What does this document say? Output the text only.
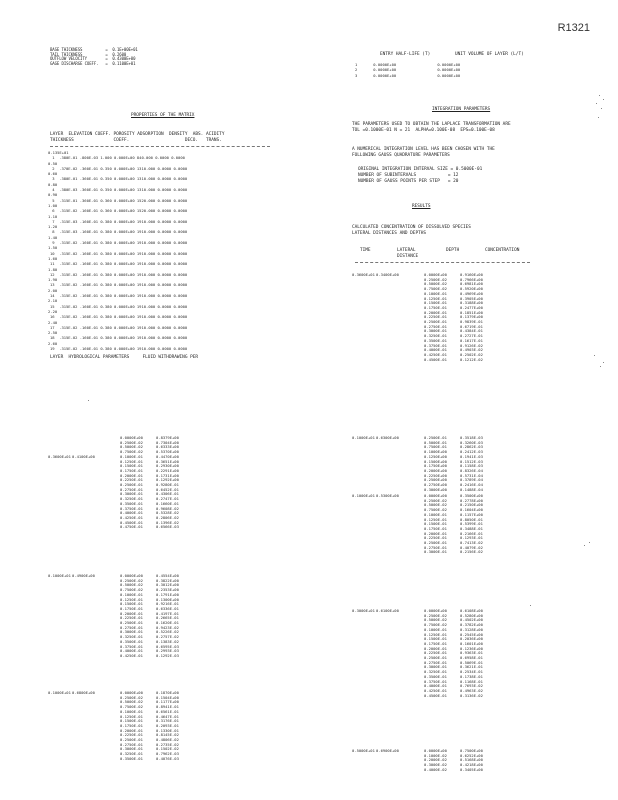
R1321
BASE THICKNESS          =  0.1E+00E+01
TAIL THICKNESS          =  0.2600
OUTFLOW VELOCITY        =  0.4300E+00
GAGE DISCHARGE COEFF.   =  0.1100E+01
ENTRY HALF-LIFE (T)	UNIT VOLUME OF LAYER (L/T)
1       0.0000E+00                  0.0000E+00
2       0.0000E+00                  0.0000E+00
3       0.0000E+00                  0.0000E+00
PROPERTIES OF THE MATRIX
LAYER  ELEVATION COEFF. POROSITY ADSORPTION  DENSITY  ABS. ACIDITY
THICKNESS               COEFF.                     DECO.   TRANS.
0.135E+01
1  .380E-01 .800E-03 1.000 0.000E+00 840.000 0.0000 0.0000
0.50
2  .370E-02 .360E-01 0.350 0.000E+00 1310.000 0.0000 0.0000
0.60
3  .380E-01 .360E-01 0.350 0.000E+00 1310.000 0.0000 0.0000
0.80
4  .380E-03 .360E-01 0.350 0.000E+00 1310.000 0.0000 0.0000
0.90
5  .315E-01 .360E-01 0.360 0.000E+00 1520.000 0.0000 0.0000
1.00
6  .315E-02 .160E-01 0.360 0.000E+00 1520.000 0.0000 0.0000
1.10
7  .315E-03 .160E-01 0.380 0.000E+00 1910.000 0.0000 0.0000
1.20
8  .315E-03 .160E-01 0.380 0.000E+00 1910.000 0.0000 0.0000
1.40
9  .315E-02 .160E-01 0.380 0.000E+00 1910.000 0.0000 0.0000
1.50
10  .315E-02 .160E-01 0.380 0.000E+00 1910.000 0.0000 0.0000
1.60
11  .315E-02 .160E-01 0.380 0.000E+00 1910.000 0.0000 0.0000
1.80
12  .315E-02 .160E-01 0.380 0.000E+00 1910.000 0.0000 0.0000
1.90
13  .315E-02 .160E-01 0.380 0.000E+00 1910.000 0.0000 0.0000
2.00
14  .315E-02 .160E-01 0.380 0.000E+00 1910.000 0.0000 0.0000
2.10
15  .315E-02 .160E-01 0.380 0.000E+00 1910.000 0.0000 0.0000
2.20
16  .315E-02 .160E-01 0.380 0.000E+00 1910.000 0.0000 0.0000
2.40
17  .315E-02 .160E-01 0.380 0.000E+00 1910.000 0.0000 0.0000
2.50
18  .315E-02 .160E-01 0.380 0.000E+00 1910.000 0.0000 0.0000
2.60
19  .315E-02 .160E-01 0.380 0.000E+00 1910.000 0.0000 0.0000
LAYER  HYDROLOGICAL PARAMETERS     FLUID WITHDRAWING PER
INTEGRATION PARAMETERS
THE PARAMETERS USED TO OBTAIN THE LAPLACE TRANSFORMATION ARE
TOL =0.1000E-01 N = 21  ALPHA=0.100E-08  EPS=0.100E-08
A NUMERICAL INTEGRATION LEVEL HAS BEEN CHOSEN WITH THE
FOLLOWING GAUSS QUADRATURE PARAMETERS
ORIGINAL INTEGRATION INTERVAL SIZE = 0.5000E-01
NUMBER OF SUBINTERVALS            = 12
NUMBER OF GAUSS POINTS PER STEP   = 20
RESULTS
CALCULATED CONCENTRATION OF DISSOLVED SPECIES
LATERAL DISTANCES AND DEPTHS
TIME	LATERAL
DISTANCE
DEPTH	CONCENTRATION
0.3600E+01 0.3400E+00	0.0000E+00	0.9160E+00
0.2500E-02	0.7966E+00
0.5000E-02	0.6981E+00
0.7500E-02	0.5920E+00
0.1000E-01	0.4969E+00
0.1250E-01	0.3905E+00
0.1500E-01	0.3188E+00
0.1750E-01	0.2477E+00
0.2000E-01	0.1851E+00
0.2250E-01	0.1379E+00
0.2500E-01	0.9839E-01
0.2750E-01	0.6719E-01
0.3000E-01	0.4384E-01
0.3250E-01	0.2727E-01
0.3500E-01	0.1617E-01
0.3750E-01	0.9126E-02
0.4000E-01	0.4903E-02
0.4250E-01	0.2502E-02
0.4500E-01	0.1212E-02
0.3600E+01 0.4100E+00
0.0000E+00	0.8379E+00
0.2500E-02	0.7304E+00
0.5000E-02	0.6333E+00
0.7500E-02	0.5370E+00
0.1000E-01	0.4470E+00
0.1250E-01	0.3651E+00
0.1500E-01	0.2930E+00
0.1750E-01	0.2291E+00
0.2000E-01	0.1731E+00
0.2250E-01	0.1292E+00
0.2500E-01	0.9280E-01
0.2750E-01	0.6452E-01
0.3000E-01	0.4306E-01
0.3250E-01	0.2747E-01
0.3500E-01	0.1660E-01
0.3750E-01	0.9608E-02
0.4000E-01	0.5328E-02
0.4250E-01	0.2806E-02
0.4500E-01	0.1396E-02
0.4750E-01	0.6566E-03
0.1000E+01 0.4900E+00	0.0000E+00	0.4554E+00
0.2500E-02	0.3822E+00
0.5000E-02	0.3012E+00
0.7500E-02	0.2353E+00
0.1000E-01	0.1791E+00
0.1250E-01	0.1300E+00
0.1500E-01	0.9216E-01
0.1750E-01	0.6336E-01
0.2000E-01	0.4197E-01
0.2250E-01	0.2665E-01
0.2500E-01	0.1620E-01
0.2750E-01	0.9423E-02
0.3000E-01	0.5226E-02
0.3250E-01	0.2757E-02
0.3500E-01	0.1383E-02
0.3750E-01	0.6595E-03
0.4000E-01	0.2993E-03
0.4250E-01	0.1292E-03
0.1000E+01 0.5300E+00	0.0000E+00	0.3500E+00
0.2500E-02	0.2778E+00
0.5000E-02	0.2150E+00
0.7500E-02	0.1604E+00
0.1000E-01	0.1157E+00
0.1250E-01	0.8050E-01
0.1500E-01	0.5399E-01
0.1750E-01	0.3488E-01
0.2000E-01	0.2166E-01
0.2250E-01	0.1293E-01
0.2500E-01	0.7413E-02
0.2750E-01	0.4079E-02
0.3000E-01	0.2156E-02
0.1000E+01 0.6300E+00	0.2500E-01	0.3518E-03
0.5000E-01	0.3260E-03
0.7500E-01	0.2862E-03
0.1000E+00	0.2412E-03
0.1250E+00	0.1941E-03
0.1500E+00	0.1512E-03
0.1750E+00	0.1158E-03
0.2000E+00	0.8326E-04
0.2250E+00	0.5731E-04
0.2500E+00	0.3789E-04
0.2750E+00	0.2416E-04
0.3000E+00	0.1488E-04
0.1000E+01 0.6800E+00	0.0000E+00	0.1870E+00
0.2500E-02	0.1504E+00
0.5000E-02	0.1177E+00
0.7500E-02	0.8941E-01
0.1000E-01	0.6561E-01
0.1250E-01	0.4647E-01
0.1500E-01	0.3176E-01
0.1750E-01	0.2093E-01
0.2000E-01	0.1330E-01
0.2250E-01	0.8145E-02
0.2500E-01	0.4806E-02
0.2750E-01	0.2735E-02
0.3000E-01	0.1502E-02
0.3250E-01	0.7962E-03
0.3500E-01	0.4076E-03
0.3000E+01 0.6100E+00	0.0000E+00	0.6108E+00
0.2500E-02	0.5280E+00
0.5000E-02	0.4502E+00
0.7500E-02	0.3782E+00
0.1000E-01	0.3128E+00
0.1250E-01	0.2545E+00
0.1500E-01	0.2036E+00
0.1750E-01	0.1601E+00
0.2000E-01	0.1236E+00
0.2250E-01	0.9363E-01
0.2500E-01	0.6958E-01
0.2750E-01	0.5069E-01
0.3000E-01	0.3621E-01
0.3250E-01	0.2534E-01
0.3500E-01	0.1738E-01
0.3750E-01	0.1168E-01
0.4000E-01	0.7693E-02
0.4250E-01	0.4963E-02
0.4500E-01	0.3136E-02
0.5000E+01 0.6900E+00	0.0000E+00	0.7500E+00
0.1000E-02	0.6252E+00
0.2000E-02	0.5168E+00
0.3000E-02	0.4218E+00
0.4000E-02	0.3405E+00
